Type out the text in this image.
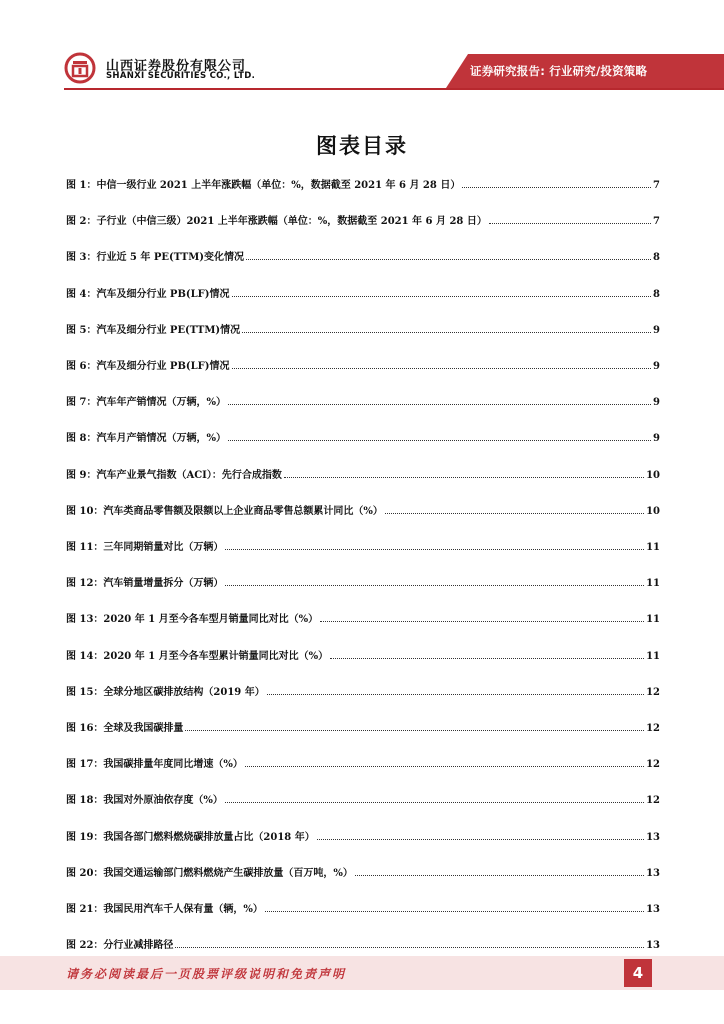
山西证券股份有限公司
SHANXI SECURITIES CO., LTD.	证券研究报告: 行业研究/投资策略
图表目录
图 1：中信一级行业 2021 上半年涨跌幅（单位：%，数据截至 2021 年 6 月 28 日）	7
图 2：子行业（中信三级）2021 上半年涨跌幅（单位：%，数据截至 2021 年 6 月 28 日）	7
图 3：行业近 5 年 PE(TTM)变化情况	8
图 4：汽车及细分行业 PB(LF)情况	8
图 5：汽车及细分行业 PE(TTM)情况	9
图 6：汽车及细分行业 PB(LF)情况	9
图 7：汽车年产销情况（万辆，%）	9
图 8：汽车月产销情况（万辆，%）	9
图 9：汽车产业景气指数（ACI）：先行合成指数	10
图 10：汽车类商品零售额及限额以上企业商品零售总额累计同比（%）	10
图 11：三年同期销量对比（万辆）	11
图 12：汽车销量增量拆分（万辆）	11
图 13：2020 年 1 月至今各车型月销量同比对比（%）	11
图 14：2020 年 1 月至今各车型累计销量同比对比（%）	11
图 15：全球分地区碳排放结构（2019 年）	12
图 16：全球及我国碳排量	12
图 17：我国碳排量年度同比增速（%）	12
图 18：我国对外原油依存度（%）	12
图 19：我国各部门燃料燃烧碳排放量占比（2018 年）	13
图 20：我国交通运输部门燃料燃烧产生碳排放量（百万吨，%）	13
图 21：我国民用汽车千人保有量（辆，%）	13
图 22：分行业减排路径	13
请务必阅读最后一页股票评级说明和免责声明	4
